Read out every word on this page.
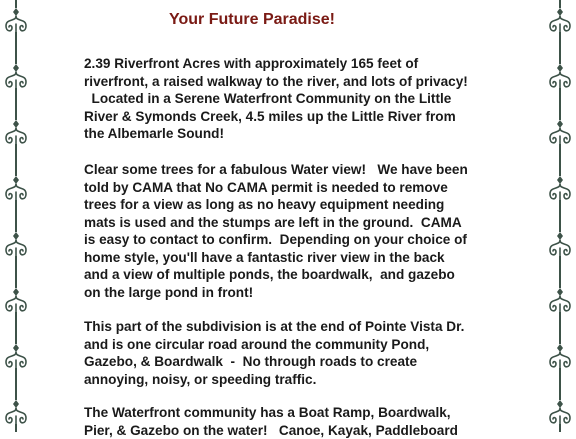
Your Future Paradise!

2.39 Riverfront Acres with approximately 165 feet of
riverfront, a raised walkway to the river, and lots of privacy!
Located in a Serene Waterfront Community on the Little
River & Symonds Creek, 4.5 miles up the Little River from
the Albemarle Sound!

Clear some trees for a fabulous Water view!   We have been
told by CAMA that No CAMA permit is needed to remove
trees for a view as long as no heavy equipment needing
mats is used and the stumps are left in the ground.  CAMA
is easy to contact to confirm.  Depending on your choice of
home style, you'll have a fantastic river view in the back
and a view of multiple ponds, the boardwalk,  and gazebo
on the large pond in front!

This part of the subdivision is at the end of Pointe Vista Dr.
and is one circular road around the community Pond,
Gazebo, & Boardwalk  -  No through roads to create
annoying, noisy, or speeding traffic.

The Waterfront community has a Boat Ramp, Boardwalk,
Pier, & Gazebo on the water!   Canoe, Kayak, Paddleboard
